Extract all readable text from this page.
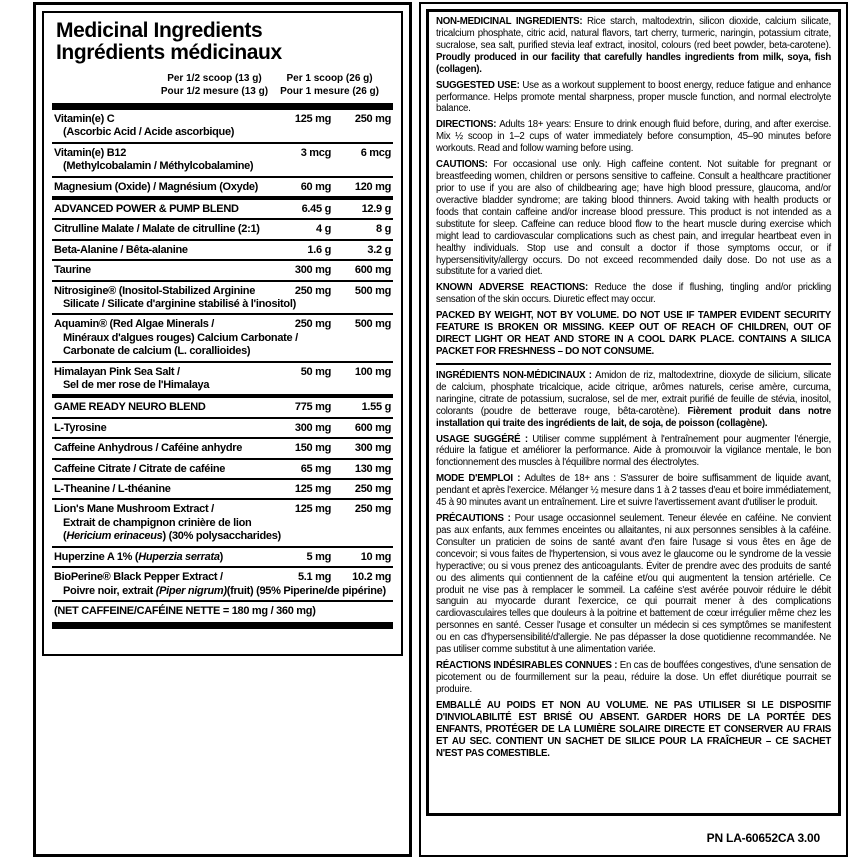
Medicinal Ingredients
Ingrédients médicinaux
Per 1/2 scoop (13 g)
Pour 1/2 mesure (13 g)
Per 1 scoop (26 g)
Pour 1 mesure (26 g)
Vitamin(e) C	125 mg 250 mg
(Ascorbic Acid / Acide ascorbique)
Vitamin(e) B12	3 mcg	6 mcg
(Methylcobalamin / Méthylcobalamine)
Magnesium (Oxide) / Magnésium (Oxyde)	60 mg 120 mg
ADVANCED POWER & PUMP BLEND	6.45 g	12.9 g
Citrulline Malate / Malate de citrulline (2:1)	4 g	8 g
Beta-Alanine / Bêta-alanine	1.6 g	3.2 g
Taurine	300 mg 600 mg
Nitrosigine® (Inositol-Stabilized Arginine	250 mg 500 mg
Silicate / Silicate d'arginine stabilisé à l'inositol)
Aquamin® (Red Algae Minerals /	250 mg 500 mg
Minéraux d'algues rouges) Calcium Carbonate /
Carbonate de calcium (L. corallioides)
Himalayan Pink Sea Salt /	50 mg 100 mg
Sel de mer rose de l'Himalaya
GAME READY NEURO BLEND	775 mg	1.55 g
L-Tyrosine	300 mg 600 mg
Caffeine Anhydrous / Caféine anhydre	150 mg 300 mg
Caffeine Citrate / Citrate de caféine	65 mg 130 mg
L-Theanine / L-théanine	125 mg 250 mg
Lion's Mane Mushroom Extract /	125 mg 250 mg
Extrait de champignon crinière de lion
(Hericium erinaceus) (30% polysaccharides)
Huperzine A 1% (Huperzia serrata)	5 mg	10 mg
BioPerine® Black Pepper Extract /	5.1 mg 10.2 mg
Poivre noir, extrait (Piper nigrum)(fruit) (95% Piperine/de pipérine)
(NET CAFFEINE/CAFÉINE NETTE = 180 mg / 360 mg)
NON-MEDICINAL INGREDIENTS: Rice starch, maltodextrin, silicon dioxide, calcium silicate, tricalcium phosphate, citric acid, natural flavors, tart cherry, turmeric, naringin, potassium citrate, sucralose, sea salt, purified stevia leaf extract, inositol, colours (red beet powder, beta-carotene). Proudly produced in our facility that carefully handles ingredients from milk, soya, fish (collagen).
SUGGESTED USE: Use as a workout supplement to boost energy, reduce fatigue and enhance performance. Helps promote mental sharpness, proper muscle function, and normal electrolyte balance.
DIRECTIONS: Adults 18+ years: Ensure to drink enough fluid before, during, and after exercise. Mix ½ scoop in 1–2 cups of water immediately before consumption, 45–90 minutes before workouts. Read and follow warning before using.
CAUTIONS: For occasional use only. High caffeine content. Not suitable for pregnant or breastfeeding women, children or persons sensitive to caffeine. Consult a healthcare practitioner prior to use if you are also of childbearing age; have high blood pressure, glaucoma, and/or overactive bladder syndrome; are taking blood thinners. Avoid taking with health products or foods that contain caffeine and/or increase blood pressure. This product is not intended as a substitute for sleep. Caffeine can reduce blood flow to the heart muscle during exercise which might lead to cardiovascular complications such as chest pain, and irregular heartbeat even in healthy individuals. Stop use and consult a doctor if those symptoms occur, or if hypersensitivity/allergy occurs. Do not exceed recommended daily dose. Do not use as a substitute for a varied diet.
KNOWN ADVERSE REACTIONS: Reduce the dose if flushing, tingling and/or prickling sensation of the skin occurs. Diuretic effect may occur.
PACKED BY WEIGHT, NOT BY VOLUME. DO NOT USE IF TAMPER EVIDENT SECURITY FEATURE IS BROKEN OR MISSING. KEEP OUT OF REACH OF CHILDREN, OUT OF DIRECT LIGHT OR HEAT AND STORE IN A COOL DARK PLACE. CONTAINS A SILICA PACKET FOR FRESHNESS – DO NOT CONSUME.
INGRÉDIENTS NON-MÉDICINAUX : Amidon de riz, maltodextrine, dioxyde de silicium, silicate de calcium, phosphate tricalcique, acide citrique, arômes naturels, cerise amère, curcuma, naringine, citrate de potassium, sucralose, sel de mer, extrait purifié de feuille de stévia, inositol, colorants (poudre de betterave rouge, bêta-carotène). Fièrement produit dans notre installation qui traite des ingrédients de lait, de soja, de poisson (collagène).
USAGE SUGGÉRÉ : Utiliser comme supplément à l'entraînement pour augmenter l'énergie, réduire la fatigue et améliorer la performance. Aide à promouvoir la vigilance mentale, le bon fonctionnement des muscles à l'équilibre normal des électrolytes.
MODE D'EMPLOI : Adultes de 18+ ans : S'assurer de boire suffisamment de liquide avant, pendant et après l'exercice. Mélanger ½ mesure dans 1 à 2 tasses d'eau et boire immédiatement, 45 à 90 minutes avant un entraînement. Lire et suivre l'avertissement avant d'utiliser le produit.
PRÉCAUTIONS : Pour usage occasionnel seulement. Teneur élevée en caféine. Ne convient pas aux enfants, aux femmes enceintes ou allaitantes, ni aux personnes sensibles à la caféine. Consulter un praticien de soins de santé avant d'en faire l'usage si vous êtes en âge de concevoir; si vous faites de l'hypertension, si vous avez le glaucome ou le syndrome de la vessie hyperactive; ou si vous prenez des anticoagulants. Éviter de prendre avec des produits de santé ou des aliments qui contiennent de la caféine et/ou qui augmentent la tension artérielle. Ce produit ne vise pas à remplacer le sommeil. La caféine s'est avérée pouvoir réduire le débit sanguin au myocarde durant l'exercice, ce qui pourrait mener à des complications cardiovasculaires telles que douleurs à la poitrine et battement de cœur irrégulier même chez les personnes en santé. Cesser l'usage et consulter un médecin si ces symptômes se manifestent ou en cas d'hypersensibilité/d'allergie. Ne pas dépasser la dose quotidienne recommandée. Ne pas utiliser comme substitut à une alimentation variée.
RÉACTIONS INDÉSIRABLES CONNUES : En cas de bouffées congestives, d'une sensation de picotement ou de fourmillement sur la peau, réduire la dose. Un effet diurétique pourrait se produire.
EMBALLÉ AU POIDS ET NON AU VOLUME. NE PAS UTILISER SI LE DISPOSITIF D'INVIOLABILITÉ EST BRISÉ OU ABSENT. GARDER HORS DE LA PORTÉE DES ENFANTS, PROTÉGER DE LA LUMIÈRE SOLAIRE DIRECTE ET CONSERVER AU FRAIS ET AU SEC. CONTIENT UN SACHET DE SILICE POUR LA FRAÎCHEUR – CE SACHET N'EST PAS COMESTIBLE.
PN LA-60652CA 3.00
